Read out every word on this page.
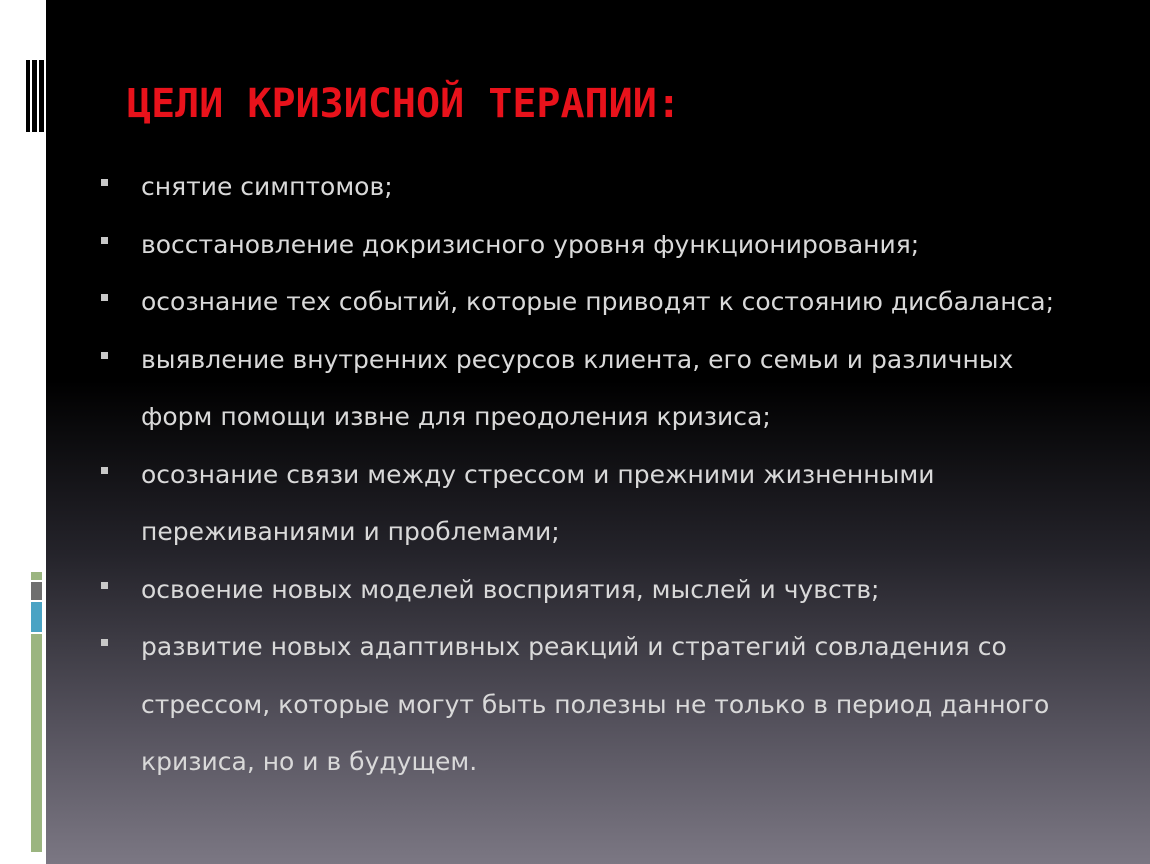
ЦЕЛИ КРИЗИСНОЙ ТЕРАПИИ:
снятие симптомов;
восстановление докризисного уровня функционирования;
осознание тех событий, которые приводят к состоянию дисбаланса;
выявление внутренних ресурсов клиента, его семьи и различных форм помощи извне для преодоления кризиса;
осознание связи между стрессом и прежними жизненными переживаниями и проблемами;
освоение новых моделей восприятия, мыслей и чувств;
развитие новых адаптивных реакций и стратегий совладения со стрессом, которые могут быть полезны не только в период данного кризиса, но и в будущем.
